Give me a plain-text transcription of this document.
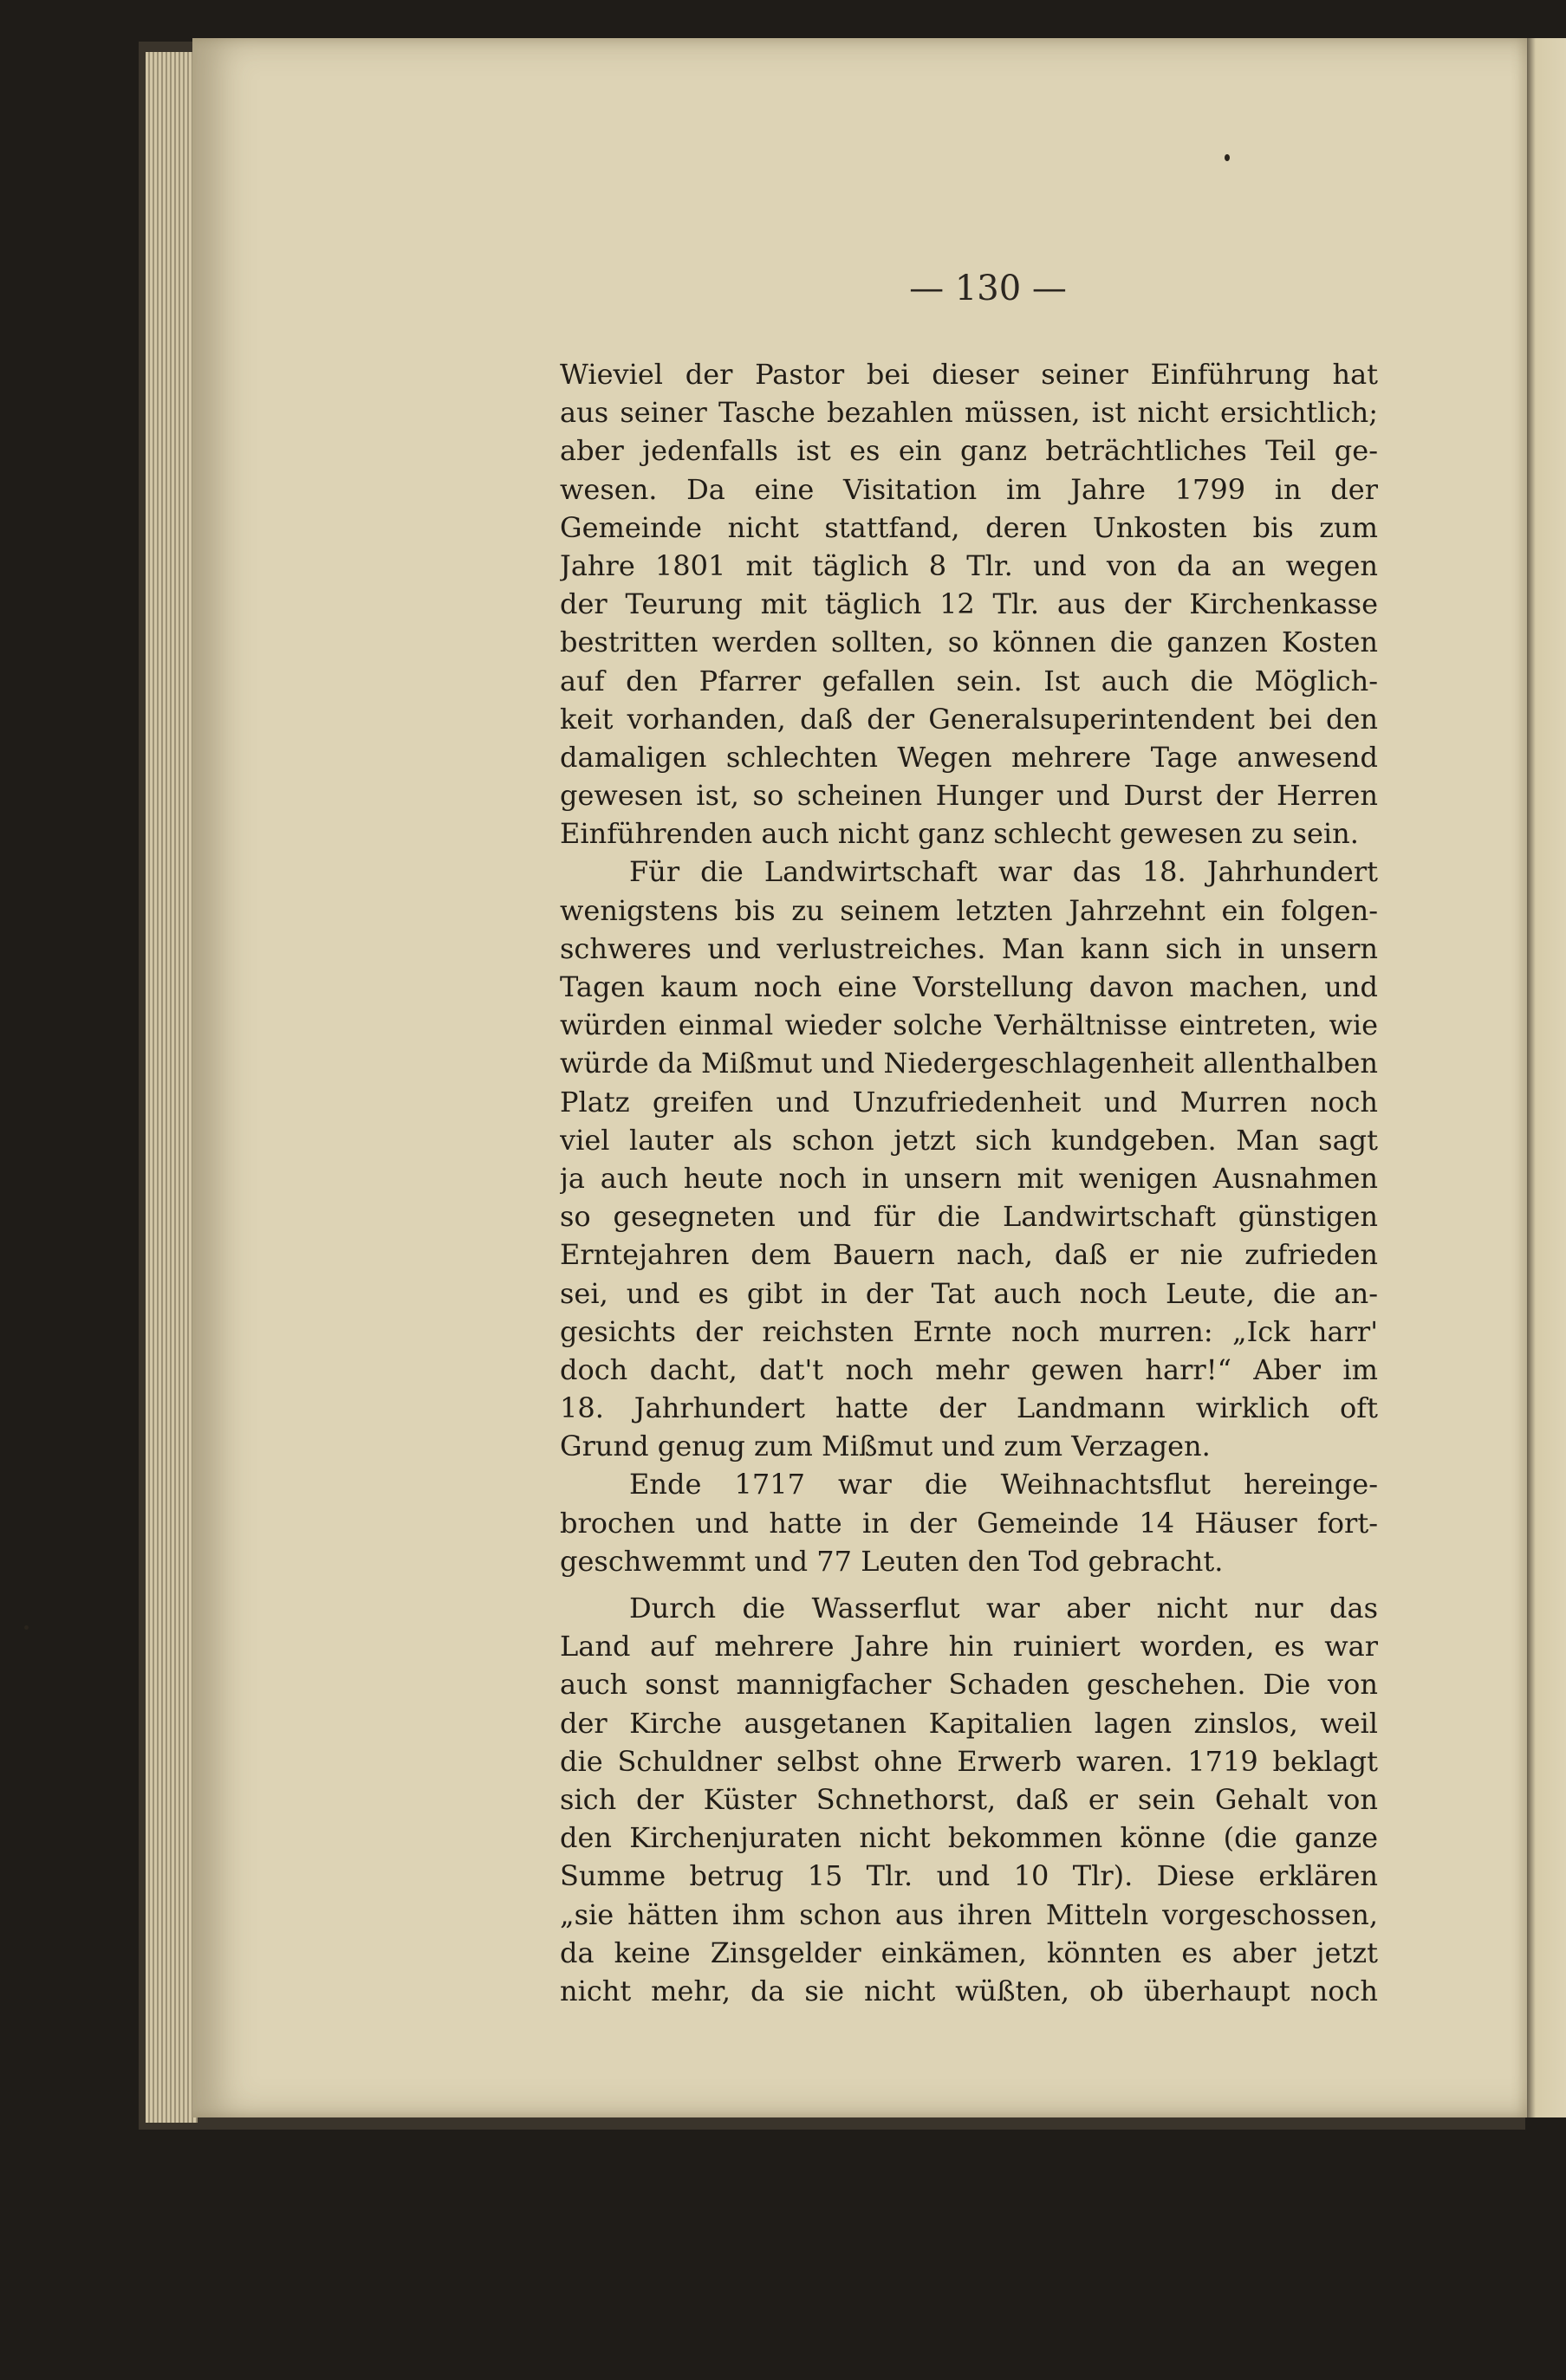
— 130 —
Wieviel der Pastor bei dieser seiner Einführung hat
aus seiner Tasche bezahlen müssen, ist nicht ersichtlich;
aber jedenfalls ist es ein ganz beträchtliches Teil ge-
wesen. Da eine Visitation im Jahre 1799 in der
Gemeinde nicht stattfand, deren Unkosten bis zum
Jahre 1801 mit täglich 8 Tlr. und von da an wegen
der Teurung mit täglich 12 Tlr. aus der Kirchenkasse
bestritten werden sollten, so können die ganzen Kosten
auf den Pfarrer gefallen sein. Ist auch die Möglich-
keit vorhanden, daß der Generalsuperintendent bei den
damaligen schlechten Wegen mehrere Tage anwesend
gewesen ist, so scheinen Hunger und Durst der Herren
Einführenden auch nicht ganz schlecht gewesen zu sein.
Für die Landwirtschaft war das 18. Jahrhundert
wenigstens bis zu seinem letzten Jahrzehnt ein folgen-
schweres und verlustreiches. Man kann sich in unsern
Tagen kaum noch eine Vorstellung davon machen, und
würden einmal wieder solche Verhältnisse eintreten, wie
würde da Mißmut und Niedergeschlagenheit allenthalben
Platz greifen und Unzufriedenheit und Murren noch
viel lauter als schon jetzt sich kundgeben. Man sagt
ja auch heute noch in unsern mit wenigen Ausnahmen
so gesegneten und für die Landwirtschaft günstigen
Erntejahren dem Bauern nach, daß er nie zufrieden
sei, und es gibt in der Tat auch noch Leute, die an-
gesichts der reichsten Ernte noch murren: „Ick harr'
doch dacht, dat't noch mehr gewen harr!“ Aber im
18. Jahrhundert hatte der Landmann wirklich oft
Grund genug zum Mißmut und zum Verzagen.
Ende 1717 war die Weihnachtsflut hereinge-
brochen und hatte in der Gemeinde 14 Häuser fort-
geschwemmt und 77 Leuten den Tod gebracht.
Durch die Wasserflut war aber nicht nur das
Land auf mehrere Jahre hin ruiniert worden, es war
auch sonst mannigfacher Schaden geschehen. Die von
der Kirche ausgetanen Kapitalien lagen zinslos, weil
die Schuldner selbst ohne Erwerb waren. 1719 beklagt
sich der Küster Schnethorst, daß er sein Gehalt von
den Kirchenjuraten nicht bekommen könne (die ganze
Summe betrug 15 Tlr. und 10 Tlr). Diese erklären
„sie hätten ihm schon aus ihren Mitteln vorgeschossen,
da keine Zinsgelder einkämen, könnten es aber jetzt
nicht mehr, da sie nicht wüßten, ob überhaupt noch
